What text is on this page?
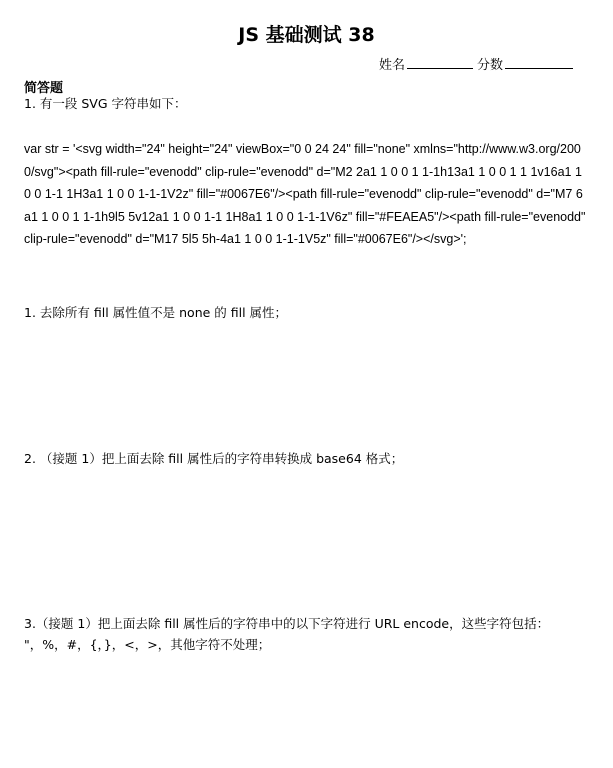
JS 基础测试 38
姓名	分数
简答题
1. 有一段 SVG 字符串如下：
var str = '<svg width="24" height="24" viewBox="0 0 24 24" fill="none" xmlns="http://www.w3.org/2000/svg"><path fill-rule="evenodd" clip-rule="evenodd" d="M2 2a1 1 0 0 1 1-1h13a1 1 0 0 1 1 1v16a1 1 0 0 1-1 1H3a1 1 0 0 1-1-1V2z" fill="#0067E6"/><path fill-rule="evenodd" clip-rule="evenodd" d="M7 6a1 1 0 0 1 1-1h9l5 5v12a1 1 0 0 1-1 1H8a1 1 0 0 1-1-1V6z" fill="#FEAEA5"/><path fill-rule="evenodd" clip-rule="evenodd" d="M17 5l5 5h-4a1 1 0 0 1-1-1V5z" fill="#0067E6"/></svg>';
1. 去除所有 fill 属性值不是 none 的 fill 属性；
2. （接题 1）把上面去除 fill 属性后的字符串转换成 base64 格式；
3.（接题 1）把上面去除 fill 属性后的字符串中的以下字符进行 URL encode，这些字符包括：
"，%，#，{，}，<，>，其他字符不处理；
